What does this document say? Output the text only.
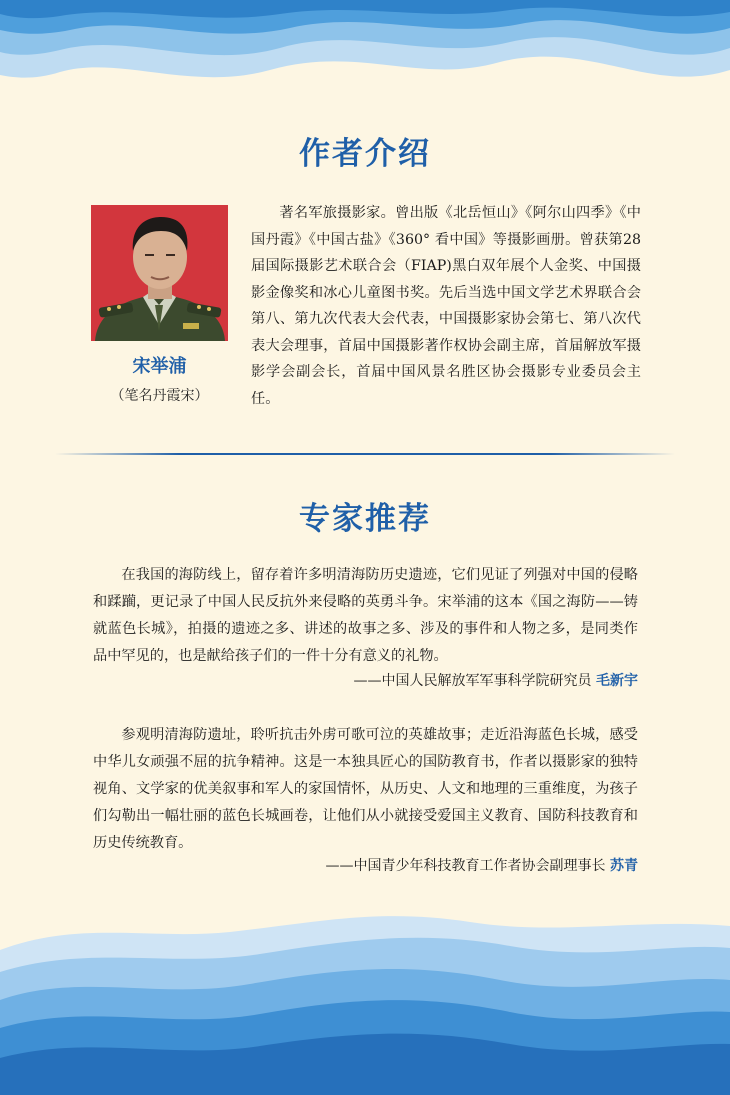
作者介绍
宋举浦
（笔名丹霞宋）

著名军旅摄影家。曾出版《北岳恒山》《阿尔山四季》《中国丹霞》《中国古盐》《360° 看中国》等摄影画册。曾获第28届国际摄影艺术联合会（FIAP)黑白双年展个人金奖、中国摄影金像奖和冰心儿童图书奖。先后当选中国文学艺术界联合会第八、第九次代表大会代表，中国摄影家协会第七、第八次代表大会理事，首届中国摄影著作权协会副主席，首届解放军摄影学会副会长，首届中国风景名胜区协会摄影专业委员会主任。

专家推荐

在我国的海防线上，留存着许多明清海防历史遗迹，它们见证了列强对中国的侵略和蹂躏，更记录了中国人民反抗外来侵略的英勇斗争。宋举浦的这本《国之海防——铸就蓝色长城》，拍摄的遗迹之多、讲述的故事之多、涉及的事件和人物之多，是同类作品中罕见的，也是献给孩子们的一件十分有意义的礼物。

——中国人民解放军军事科学院研究员 毛新宇

参观明清海防遗址，聆听抗击外虏可歌可泣的英雄故事；走近沿海蓝色长城，感受中华儿女顽强不屈的抗争精神。这是一本独具匠心的国防教育书，作者以摄影家的独特视角、文学家的优美叙事和军人的家国情怀，从历史、人文和地理的三重维度，为孩子们勾勒出一幅壮丽的蓝色长城画卷，让他们从小就接受爱国主义教育、国防科技教育和历史传统教育。

——中国青少年科技教育工作者协会副理事长 苏青
